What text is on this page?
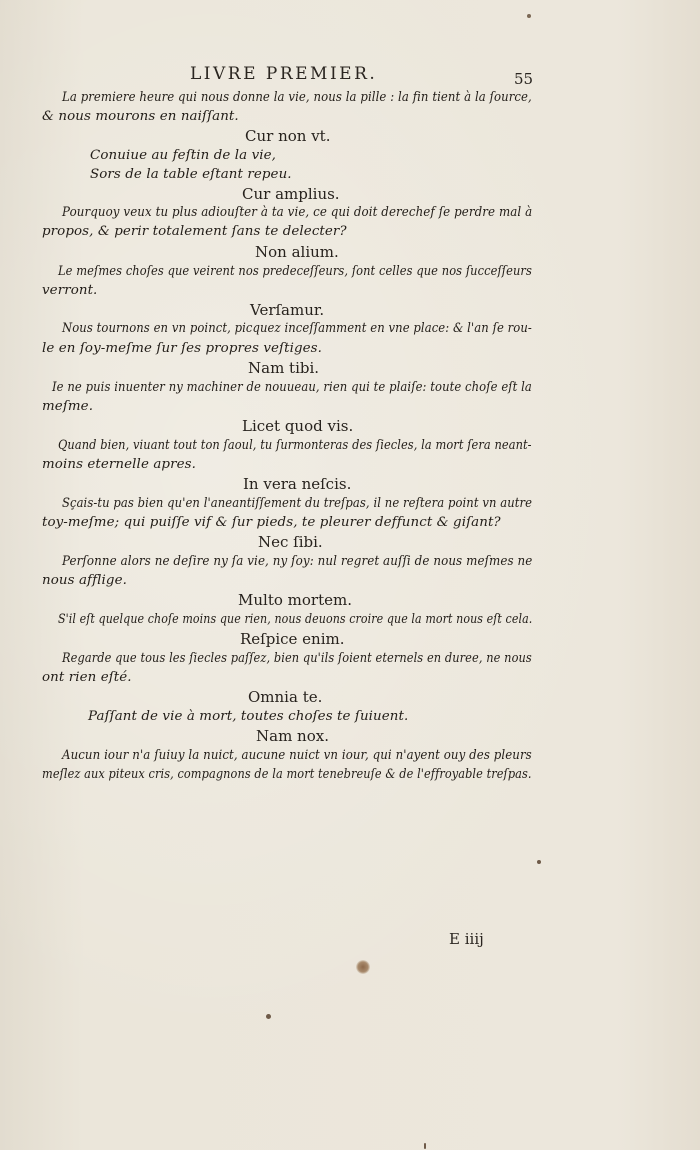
LIVRE PREMIER.	55
La premiere heure qui nous donne la vie, nous la pille : la fin tient à la ſource,
& nous mourons en naiſſant.
Cur non vt.
Conuiue au feſtin de la vie,
Sors de la table eſtant repeu.
Cur amplius.
Pourquoy veux tu plus adiouſter à ta vie, ce qui doit derechef ſe perdre mal à
propos, & perir totalement ſans te delecter?
Non alium.
Le meſmes choſes que veirent nos predeceſſeurs, ſont celles que nos ſucceſſeurs
verront.
Verſamur.
Nous tournons en vn poinct, picquez inceſſamment en vne place: & l'an ſe rou-
le en ſoy-meſme ſur ſes propres veſtiges.
Nam tibi.
Ie ne puis inuenter ny machiner de nouueau, rien qui te plaiſe: toute choſe eſt la
meſme.
Licet quod vis.
Quand bien, viuant tout ton ſaoul, tu ſurmonteras des ſiecles, la mort ſera neant-
moins eternelle apres.
In vera neſcis.
Sçais-tu pas bien qu'en l'aneantiſſement du treſpas, il ne reſtera point vn autre
toy-meſme; qui puiſſe vif & ſur pieds, te pleurer deffunct & giſant?
Nec ſibi.
Perſonne alors ne deſire ny ſa vie, ny ſoy: nul regret auſſi de nous meſmes ne
nous afflige.
Multo mortem.
S'il eſt quelque choſe moins que rien, nous deuons croire que la mort nous eſt cela.
Reſpice enim.
Regarde que tous les ſiecles paſſez, bien qu'ils ſoient eternels en duree, ne nous
ont rien eſté.
Omnia te.
Paſſant de vie à mort, toutes choſes te ſuiuent.
Nam nox.
Aucun iour n'a ſuiuy la nuict, aucune nuict vn iour, qui n'ayent ouy des pleurs
meſlez aux piteux cris, compagnons de la mort tenebreuſe & de l'effroyable treſpas.
E iiij
